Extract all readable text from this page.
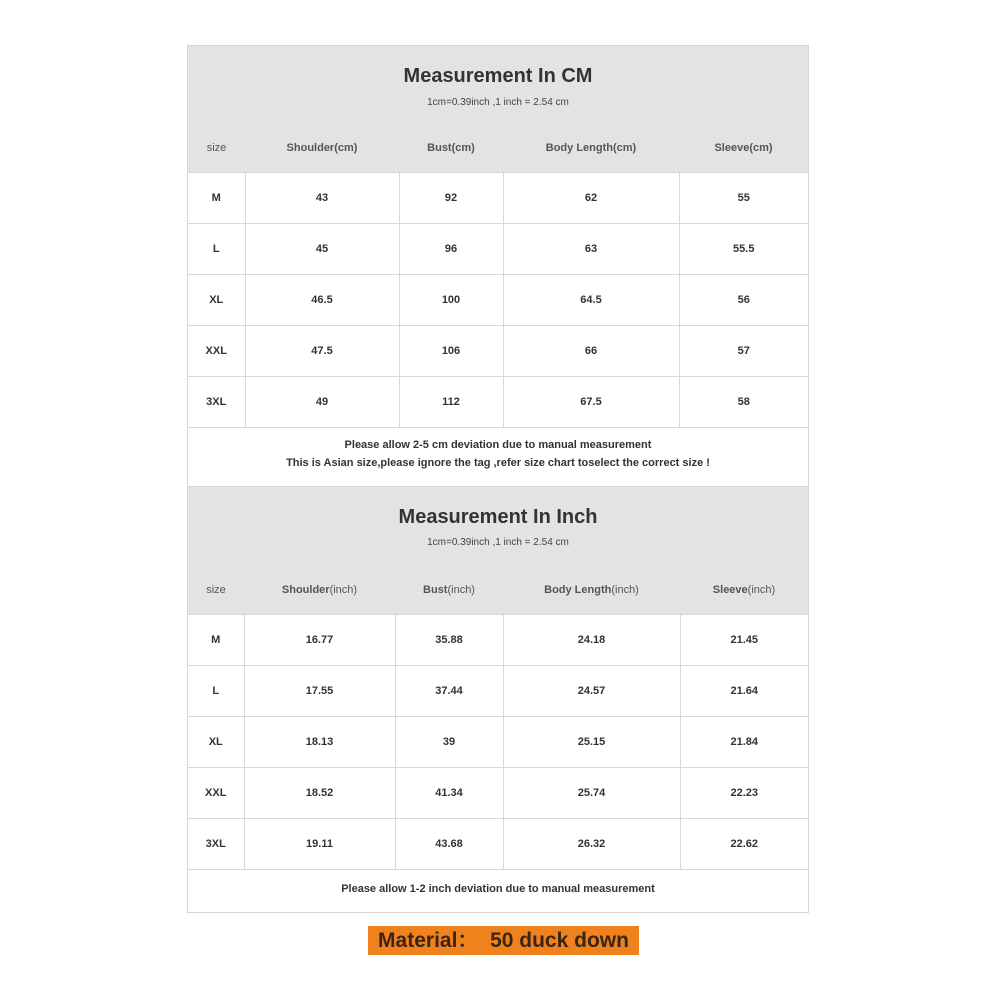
Measurement In CM
1cm=0.39inch ,1 inch = 2.54 cm
size	Shoulder(cm)	Bust(cm)	Body Length(cm)	Sleeve(cm)
M	43	92	62	55
L	45	96	63	55.5
XL	46.5	100	64.5	56
XXL	47.5	106	66	57
3XL	49	112	67.5	58
Please allow 2-5 cm deviation due to manual measurement
This is Asian size,please ignore the tag ,refer size chart toselect the correct size !
Measurement In Inch
1cm=0.39inch ,1 inch = 2.54 cm
size	Shoulder(inch)	Bust(inch)	Body Length(inch)	Sleeve(inch)
M	16.77	35.88	24.18	21.45
L	17.55	37.44	24.57	21.64
XL	18.13	39	25.15	21.84
XXL	18.52	41.34	25.74	22.23
3XL	19.11	43.68	26.32	22.62
Please allow 1-2 inch deviation due to manual measurement
Material：  50 duck down
